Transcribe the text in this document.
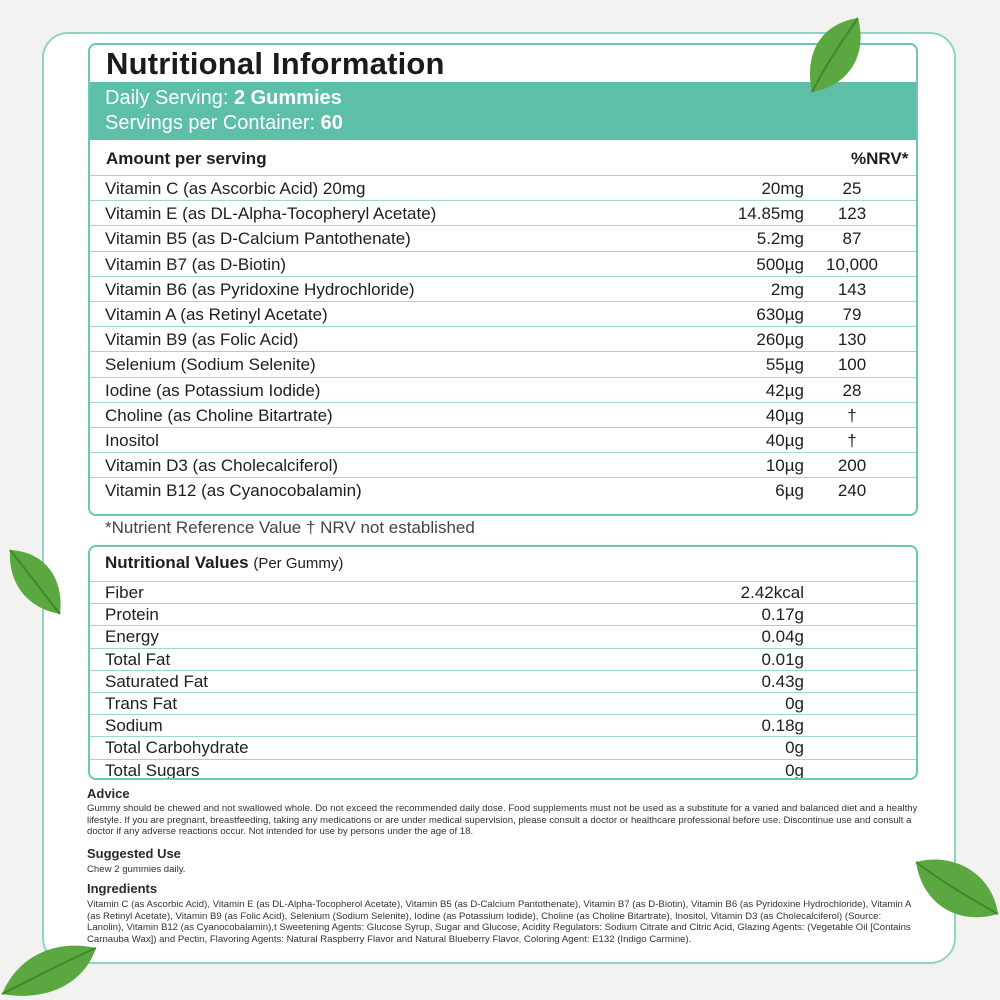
Nutritional Information
Daily Serving: 2 Gummies
Servings per Container: 60
Amount per serving	%NRV*
Vitamin C (as Ascorbic Acid) 20mg	20mg	25
Vitamin E (as DL-Alpha-Tocopheryl Acetate)	14.85mg	123
Vitamin B5 (as D-Calcium Pantothenate)	5.2mg	87
Vitamin B7 (as D-Biotin)	500µg	10,000
Vitamin B6 (as Pyridoxine Hydrochloride)	2mg	143
Vitamin A (as Retinyl Acetate)	630µg	79
Vitamin B9 (as Folic Acid)	260µg	130
Selenium (Sodium Selenite)	55µg	100
Iodine (as Potassium Iodide)	42µg	28
Choline (as Choline Bitartrate)	40µg	†
Inositol	40µg	†
Vitamin D3 (as Cholecalciferol)	10µg	200
Vitamin B12 (as Cyanocobalamin)	6µg	240
*Nutrient Reference Value † NRV not established
Nutritional Values (Per Gummy)
Fiber	2.42kcal
Protein	0.17g
Energy	0.04g
Total Fat	0.01g
Saturated Fat	0.43g
Trans Fat	0g
Sodium	0.18g
Total Carbohydrate	0g
Total Sugars	0g
Advice
Gummy should be chewed and not swallowed whole. Do not exceed the recommended daily dose. Food supplements must not be used as a substitute for a varied and balanced diet and a healthy lifestyle. If you are pregnant, breastfeeding, taking any medications or are under medical supervision, please consult a doctor or healthcare professional before use. Discontinue use and consult a doctor if any adverse reactions occur. Not intended for use by persons under the age of 18.
Suggested Use
Chew 2 gummies daily.
Ingredients
Vitamin C (as Ascorbic Acid), Vitamin E (as DL-Alpha-Tocopherol Acetate), Vitamin B5 (as D-Calcium Pantothenate), Vitamin B7 (as D-Biotin), Vitamin B6 (as Pyridoxine Hydrochloride), Vitamin A (as Retinyl Acetate), Vitamin B9 (as Folic Acid), Selenium (Sodium Selenite), Iodine (as Potassium Iodide), Choline (as Choline Bitartrate), Inositol, Vitamin D3 (as Cholecalciferol) (Source: Lanolin), Vitamin B12 (as Cyanocobalamin),t Sweetening Agents: Glucose Syrup, Sugar and Glucose, Acidity Regulators: Sodium Citrate and Citric Acid, Glazing Agents: (Vegetable Oil [Contains Carnauba Wax]) and Pectin, Flavoring Agents: Natural Raspberry Flavor and Natural Blueberry Flavor, Coloring Agent: E132 (Indigo Carmine).
